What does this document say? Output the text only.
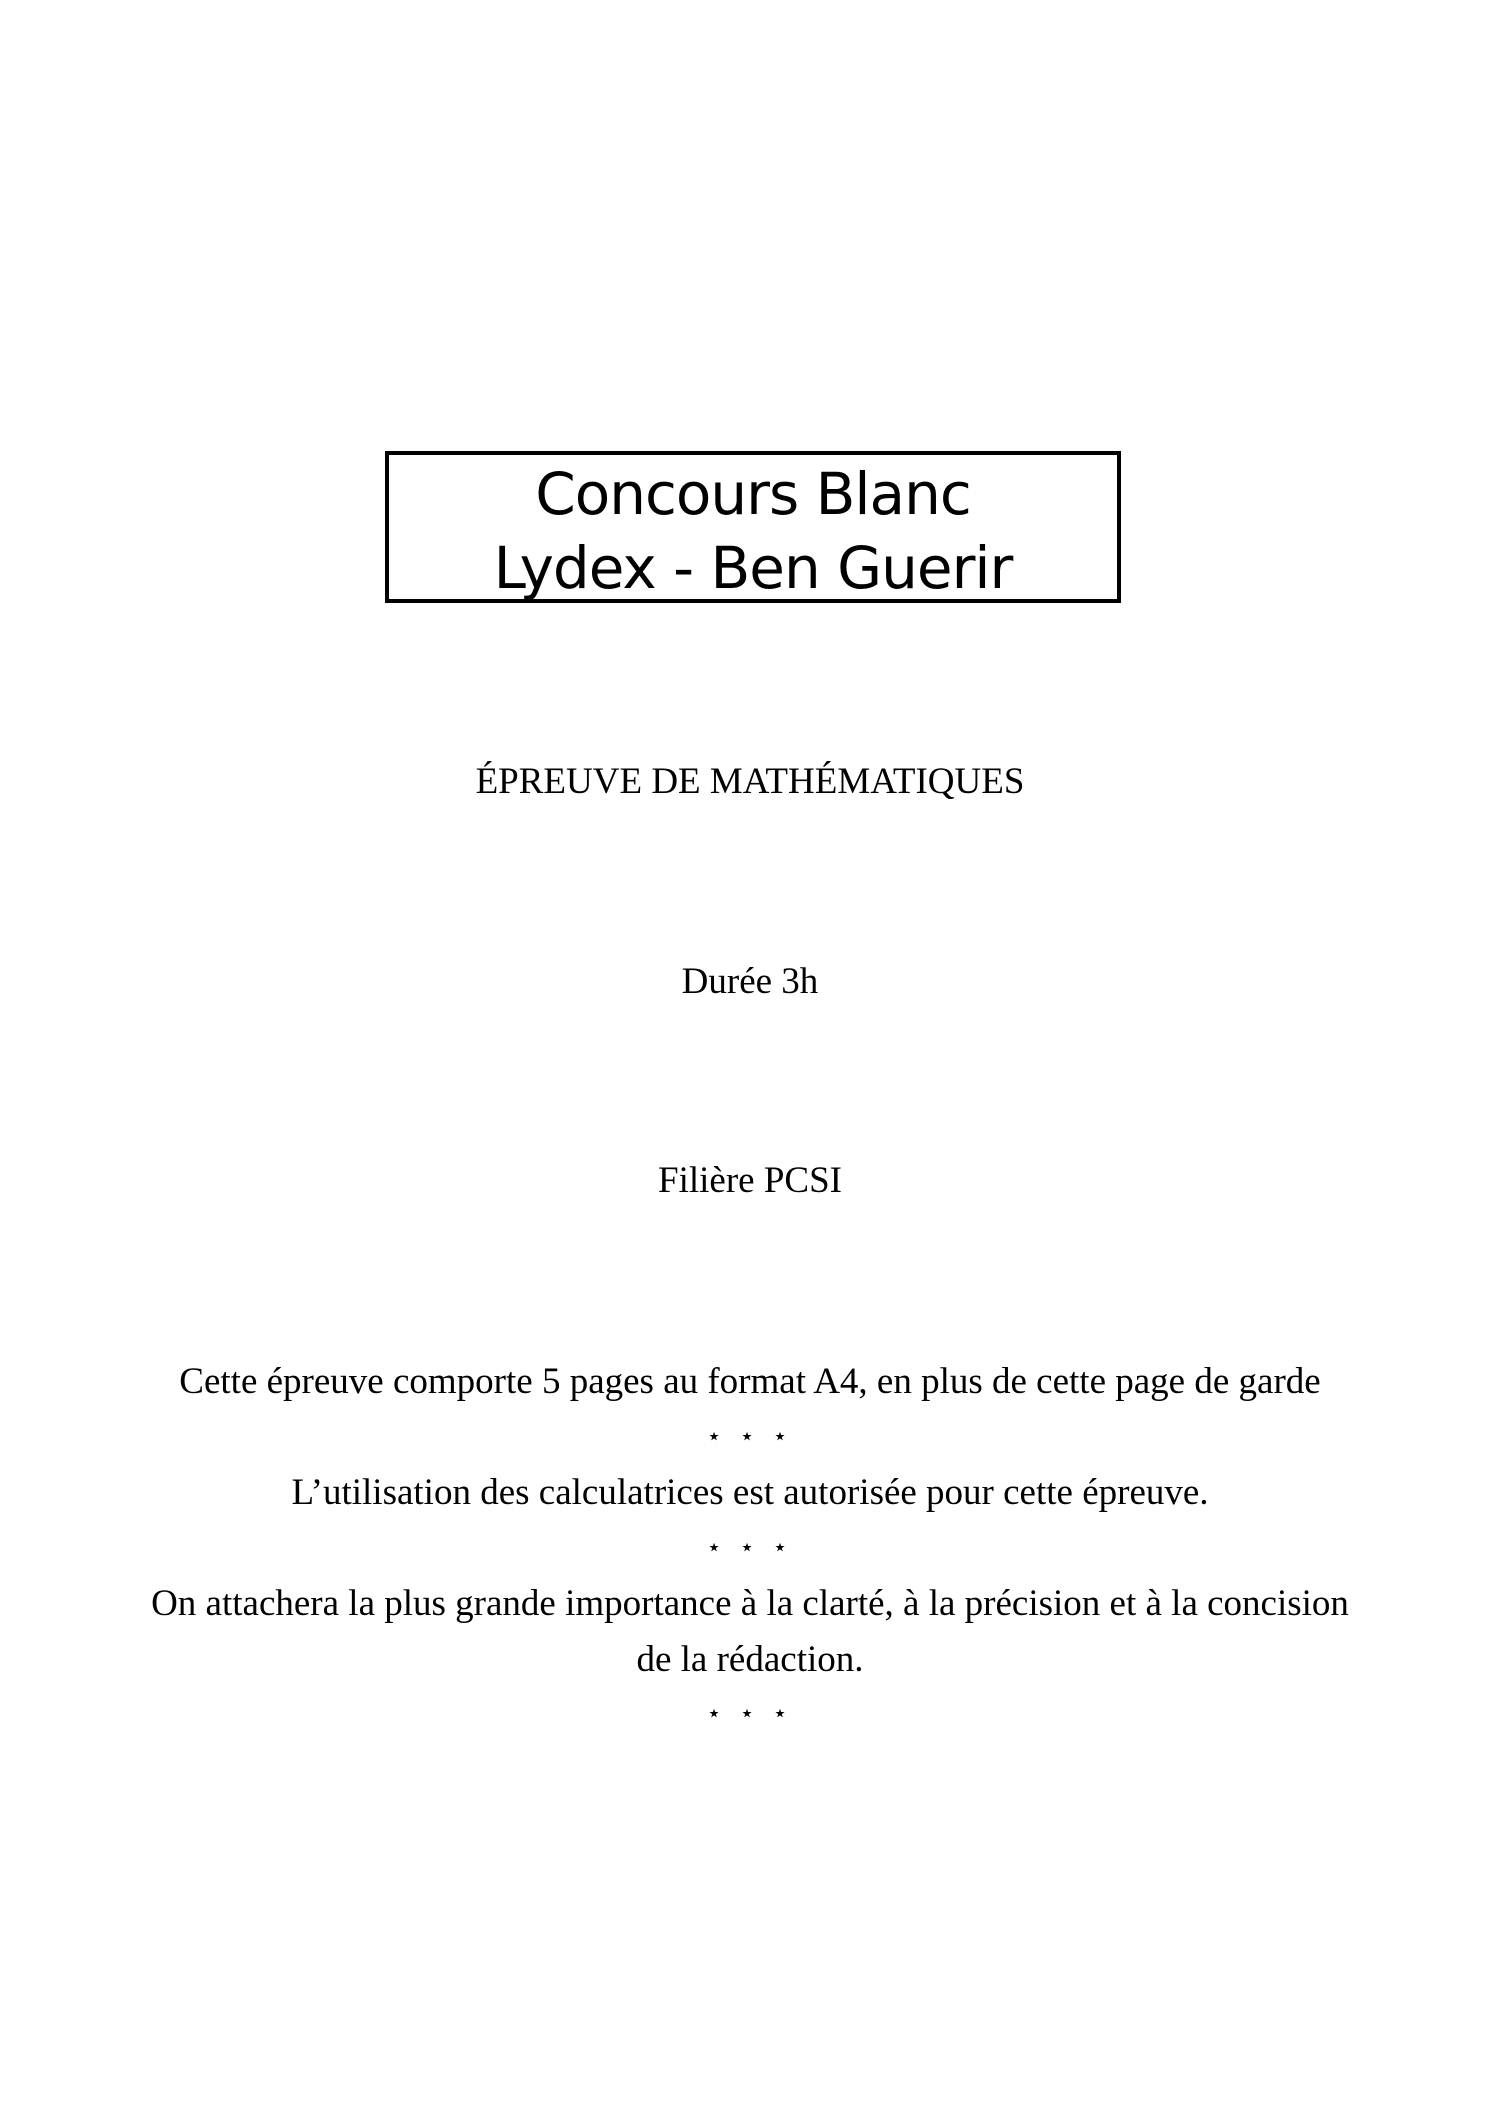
Concours Blanc
Lydex - Ben Guerir
ÉPREUVE DE MATHÉMATIQUES
Durée 3h
Filière PCSI
Cette épreuve comporte 5 pages au format A4, en plus de cette page de garde
⋆ ⋆ ⋆
L’utilisation des calculatrices est autorisée pour cette épreuve.
⋆ ⋆ ⋆
On attachera la plus grande importance à la clarté, à la précision et à la concision de la rédaction.
⋆ ⋆ ⋆
